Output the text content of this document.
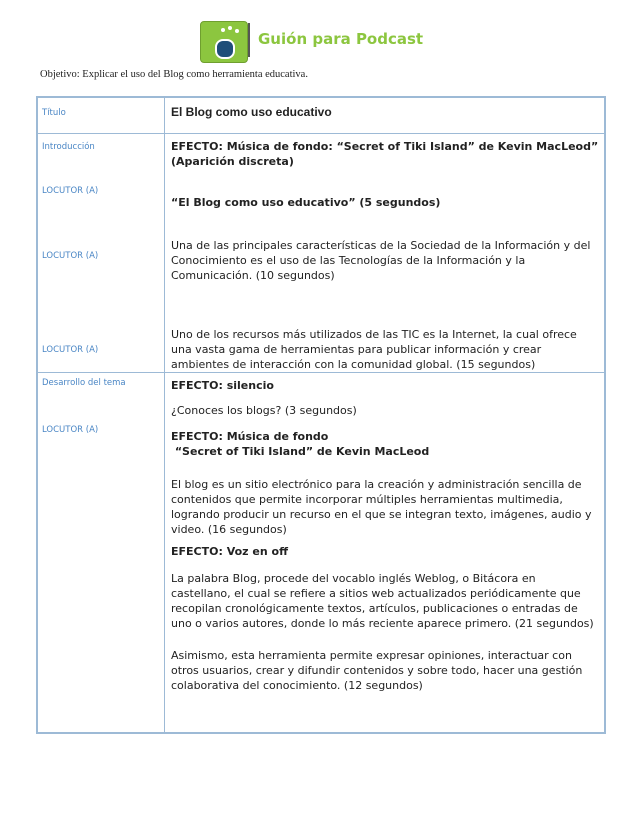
Guión para Podcast
Objetivo: Explicar el uso del Blog como herramienta educativa.
Título	El Blog como uso educativo
Introducción
LOCUTOR (A)
LOCUTOR (A)
LOCUTOR (A)
EFECTO: Música de fondo: “Secret of Tiki Island” de Kevin MacLeod”
(Aparición discreta)
“El Blog como uso educativo” (5 segundos)
Una de las principales características de la Sociedad de la Información y del
Conocimiento es el uso de las Tecnologías de la Información y la
Comunicación. (10 segundos)
Uno de los recursos más utilizados de las TIC es la Internet, la cual ofrece
una vasta gama de herramientas para publicar información y crear
ambientes de interacción con la comunidad global. (15 segundos)
Desarrollo del tema
LOCUTOR (A)
EFECTO: silencio
¿Conoces los blogs? (3 segundos)
EFECTO: Música de fondo
“Secret of Tiki Island” de Kevin MacLeod
El blog es un sitio electrónico para la creación y administración sencilla de
contenidos que permite incorporar múltiples herramientas multimedia,
logrando producir un recurso en el que se integran texto, imágenes, audio y
video. (16 segundos)
EFECTO: Voz en off
La palabra Blog, procede del vocablo inglés Weblog, o Bitácora en
castellano, el cual se refiere a sitios web actualizados periódicamente que
recopilan cronológicamente textos, artículos, publicaciones o entradas de
uno o varios autores, donde lo más reciente aparece primero. (21 segundos)
Asimismo, esta herramienta permite expresar opiniones, interactuar con
otros usuarios, crear y difundir contenidos y sobre todo, hacer una gestión
colaborativa del conocimiento. (12 segundos)
